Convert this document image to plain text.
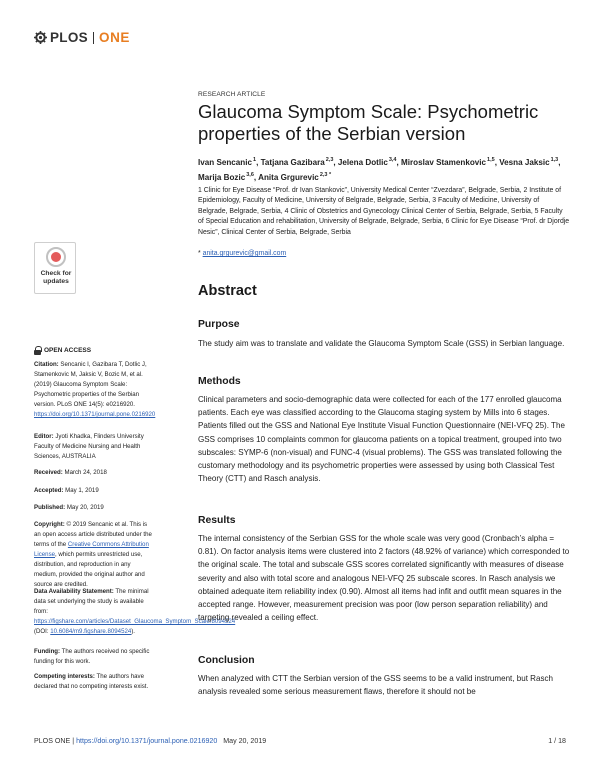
PLOS ONE
Check for updates
OPEN ACCESS
Citation: Sencanic I, Gazibara T, Dotlic J, Stamenkovic M, Jaksic V, Bozic M, et al. (2019) Glaucoma Symptom Scale: Psychometric properties of the Serbian version. PLoS ONE 14(5): e0216920. https://doi.org/10.1371/journal.pone.0216920
Editor: Jyoti Khadka, Flinders University Faculty of Medicine Nursing and Health Sciences, AUSTRALIA
Received: March 24, 2018
Accepted: May 1, 2019
Published: May 20, 2019
Copyright: © 2019 Sencanic et al. This is an open access article distributed under the terms of the Creative Commons Attribution License, which permits unrestricted use, distribution, and reproduction in any medium, provided the original author and source are credited.
Data Availability Statement: The minimal data set underlying the study is available from: https://figshare.com/articles/Dataset_Glaucoma_Symptom_Scale/8094524 (DOI: 10.6084/m9.figshare.8094524).
Funding: The authors received no specific funding for this work.
Competing interests: The authors have declared that no competing interests exist.
RESEARCH ARTICLE
Glaucoma Symptom Scale: Psychometric properties of the Serbian version
Ivan Sencanic$^1$, Tatjana Gazibara$^{2,3}$, Jelena Dotlic$^{3,4}$, Miroslav Stamenkovic$^{1,5}$, Vesna Jaksic$^{1,3}$, Marija Bozic$^{3,6}$, Anita Grgurevic$^{2,3 *}$

1 Clinic for Eye Disease “Prof. dr Ivan Stankovic”, University Medical Center “Zvezdara”, Belgrade, Serbia, 2 Institute of Epidemiology, Faculty of Medicine, University of Belgrade, Belgrade, Serbia, 3 Faculty of Medicine, University of Belgrade, Belgrade, Serbia, 4 Clinic of Obstetrics and Gynecology Clinical Center of Serbia, Belgrade, Serbia, 5 Faculty of Special Education and rehabilitation, University of Belgrade, Belgrade, Serbia, 6 Clinic for Eye Disease “Prof. dr Djordje Nesic”, Clinical Center of Serbia, Belgrade, Serbia

* anita.grgurevic@gmail.com
Abstract
Purpose

The study aim was to translate and validate the Glaucoma Symptom Scale (GSS) in Serbian language.

Methods

Clinical parameters and socio-demographic data were collected for each of the 177 enrolled glaucoma patients. Each eye was classified according to the Glaucoma staging system by Mills into 6 stages. Patients filled out the GSS and National Eye Institute Visual Function Questionnaire (NEI-VFQ 25). The GSS comprises 10 complaints common for glaucoma patients on a topical treatment, grouped into two subscales: SYMP-6 (non-visual) and FUNC-4 (visual problems). The GSS was translated following the customary methodology and its psychometric properties were assessed by using both Classical Test Theory (CTT) and Rasch analysis.

Results

The internal consistency of the Serbian GSS for the whole scale was very good (Cronbach’s alpha = 0.81). On factor analysis items were clustered into 2 factors (48.92% of variance) which corresponded to the original scale. The total and subscale GSS scores correlated significantly with measures of disease severity and also with total score and analogous NEI-VFQ 25 subscale scores. In Rasch analysis we obtained adequate item reliability index (0.90). Almost all items had infit and outfit mean squares in the accepted range. However, measurement precision was poor (low person separation reliability) and targeting revealed a ceiling effect.

Conclusion

When analyzed with CTT the Serbian version of the GSS seems to be a valid instrument, but Rasch analysis revealed some serious measurement flaws, therefore it should not be

PLOS ONE | https://doi.org/10.1371/journal.pone.0216920 May 20, 2019	1 / 18
